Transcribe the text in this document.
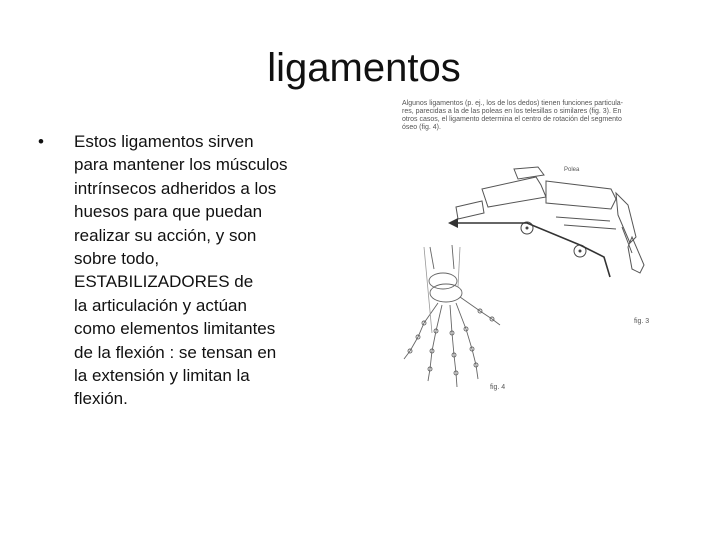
ligamentos
• Estos ligamentos sirven
para mantener los músculos
intrínsecos adheridos a los
huesos para que puedan
realizar su acción, y son
sobre todo,
ESTABILIZADORES de
la articulación y actúan
como elementos limitantes
de la flexión : se tensan en
la extensión y limitan la
flexión.
Algunos ligamentos (p. ej., los de los dedos) tienen funciones particula-
res, parecidas a la de las poleas en los telesillas o similares (fig. 3). En
otros casos, el ligamento determina el centro de rotación del segmento
óseo (fig. 4).
Polea
fig. 3
fig. 4
